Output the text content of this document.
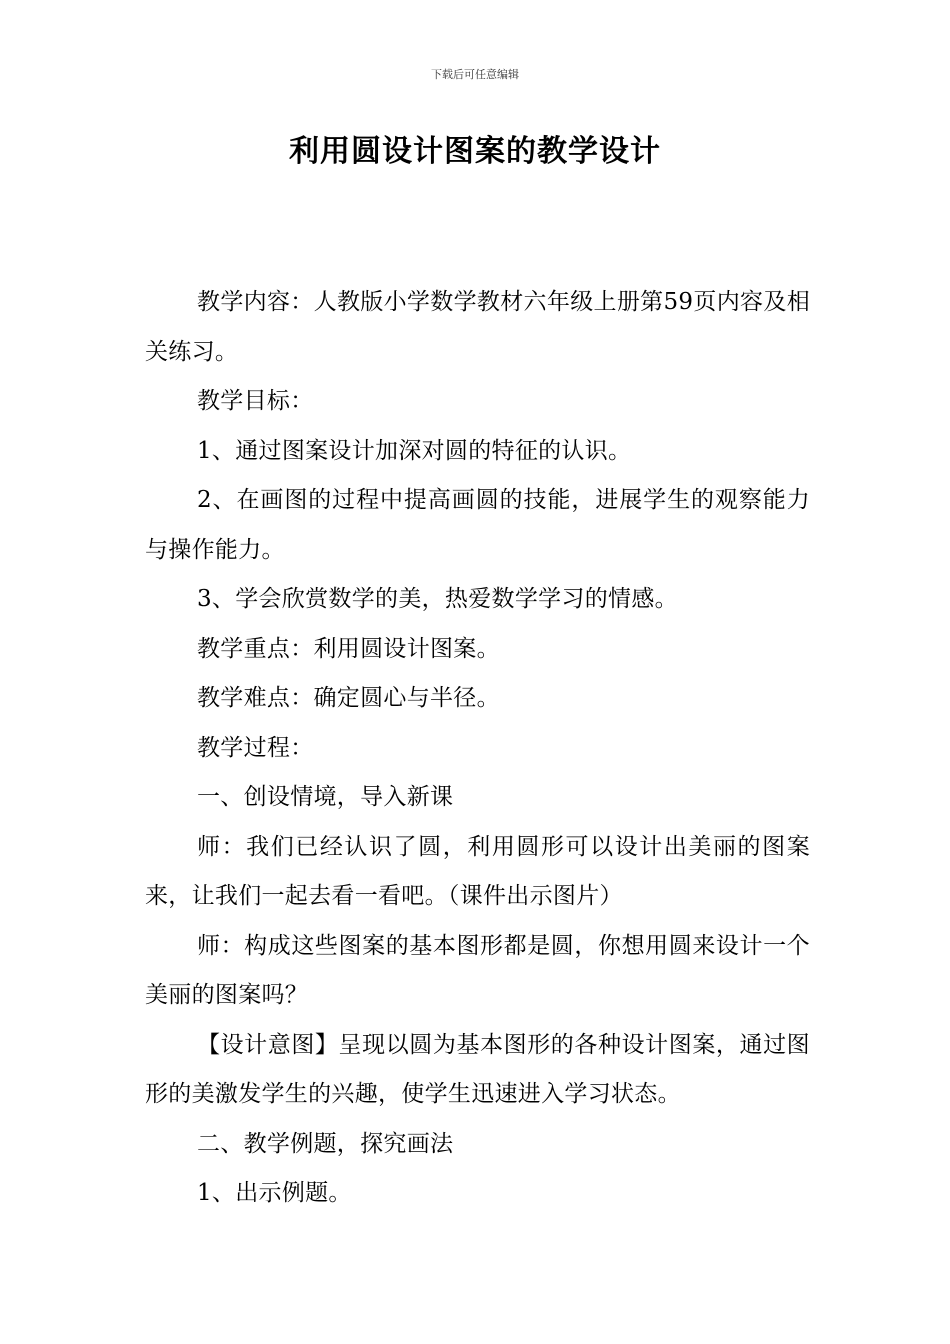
下载后可任意编辑
利用圆设计图案的教学设计

教学内容：人教版小学数学教材六年级上册第59页内容及相关练习。

教学目标：

1、通过图案设计加深对圆的特征的认识。

2、在画图的过程中提高画圆的技能，进展学生的观察能力与操作能力。

3、学会欣赏数学的美，热爱数学学习的情感。

教学重点：利用圆设计图案。

教学难点：确定圆心与半径。

教学过程：

一、创设情境，导入新课

师：我们已经认识了圆，利用圆形可以设计出美丽的图案来，让我们一起去看一看吧。（课件出示图片）

师：构成这些图案的基本图形都是圆，你想用圆来设计一个美丽的图案吗？

【设计意图】呈现以圆为基本图形的各种设计图案，通过图形的美激发学生的兴趣，使学生迅速进入学习状态。

二、教学例题，探究画法

1、出示例题。
